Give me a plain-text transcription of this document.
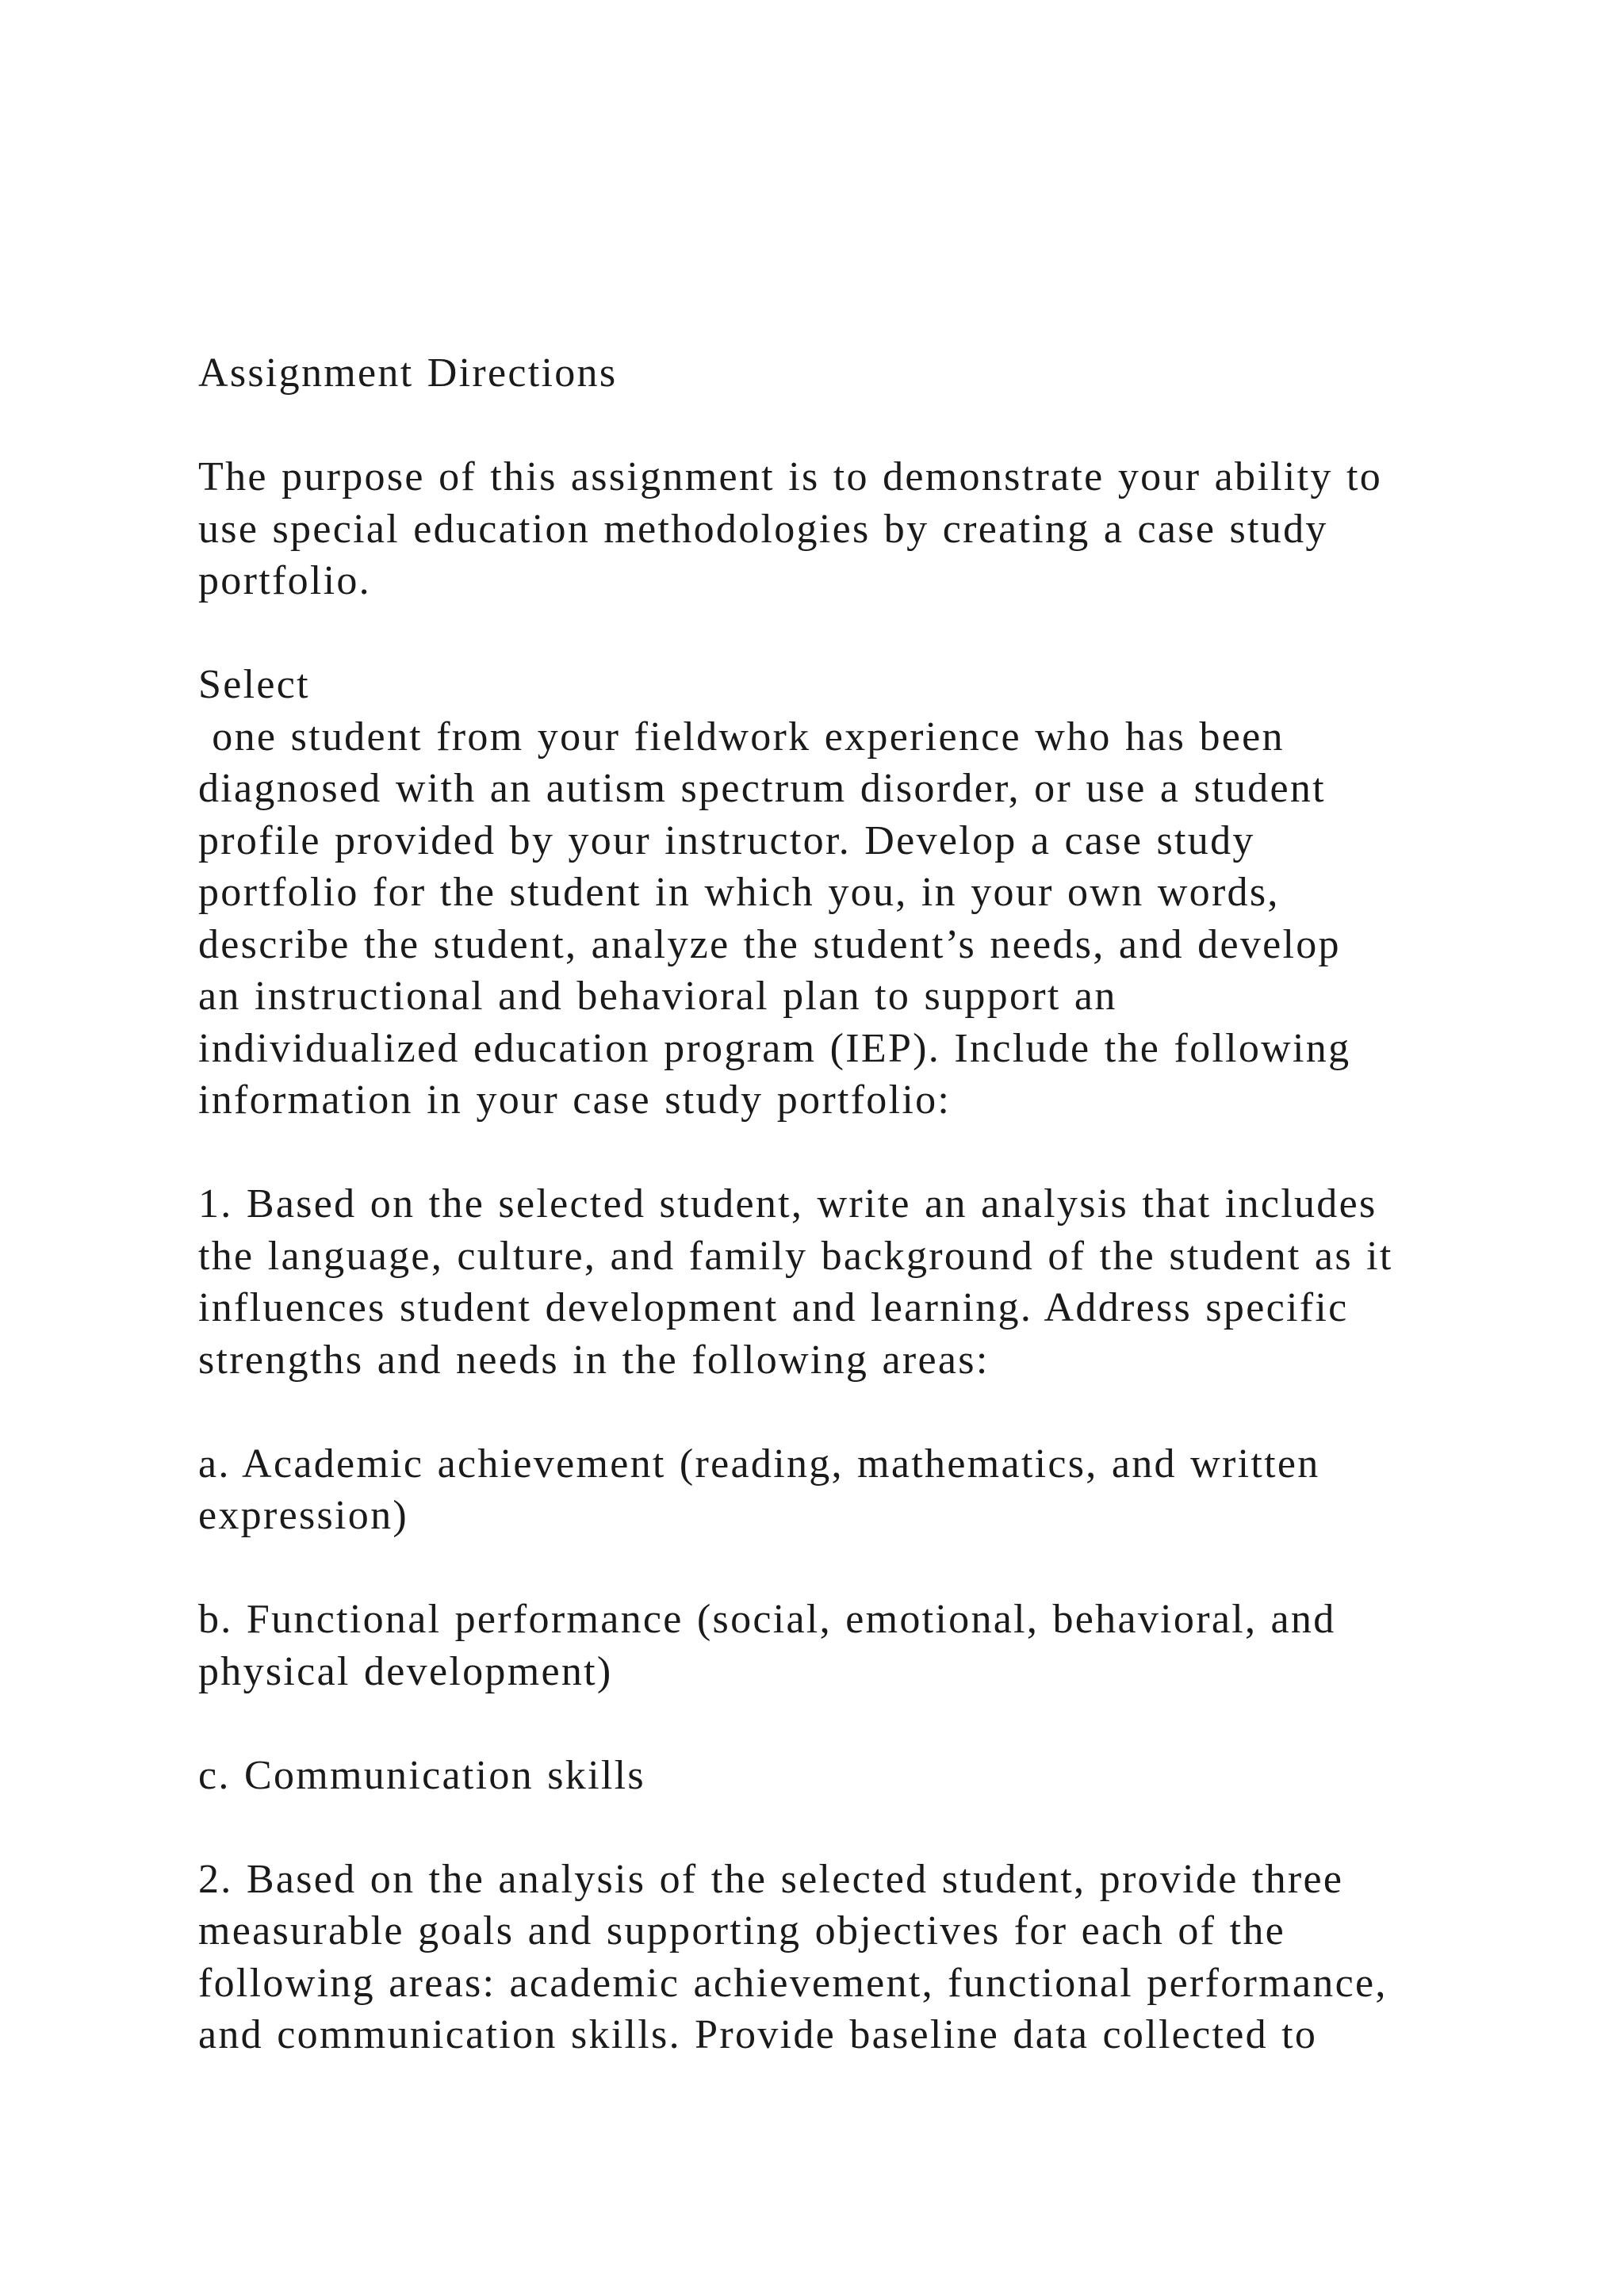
Assignment Directions

The purpose of this assignment is to demonstrate your ability to
use special education methodologies by creating a case study
portfolio.

Select
one student from your fieldwork experience who has been
diagnosed with an autism spectrum disorder, or use a student
profile provided by your instructor. Develop a case study
portfolio for the student in which you, in your own words,
describe the student, analyze the student’s needs, and develop
an instructional and behavioral plan to support an
individualized education program (IEP). Include the following
information in your case study portfolio:

1. Based on the selected student, write an analysis that includes
the language, culture, and family background of the student as it
influences student development and learning. Address specific
strengths and needs in the following areas:

a. Academic achievement (reading, mathematics, and written
expression)

b. Functional performance (social, emotional, behavioral, and
physical development)

c. Communication skills

2. Based on the analysis of the selected student, provide three
measurable goals and supporting objectives for each of the
following areas: academic achievement, functional performance,
and communication skills. Provide baseline data collected to
